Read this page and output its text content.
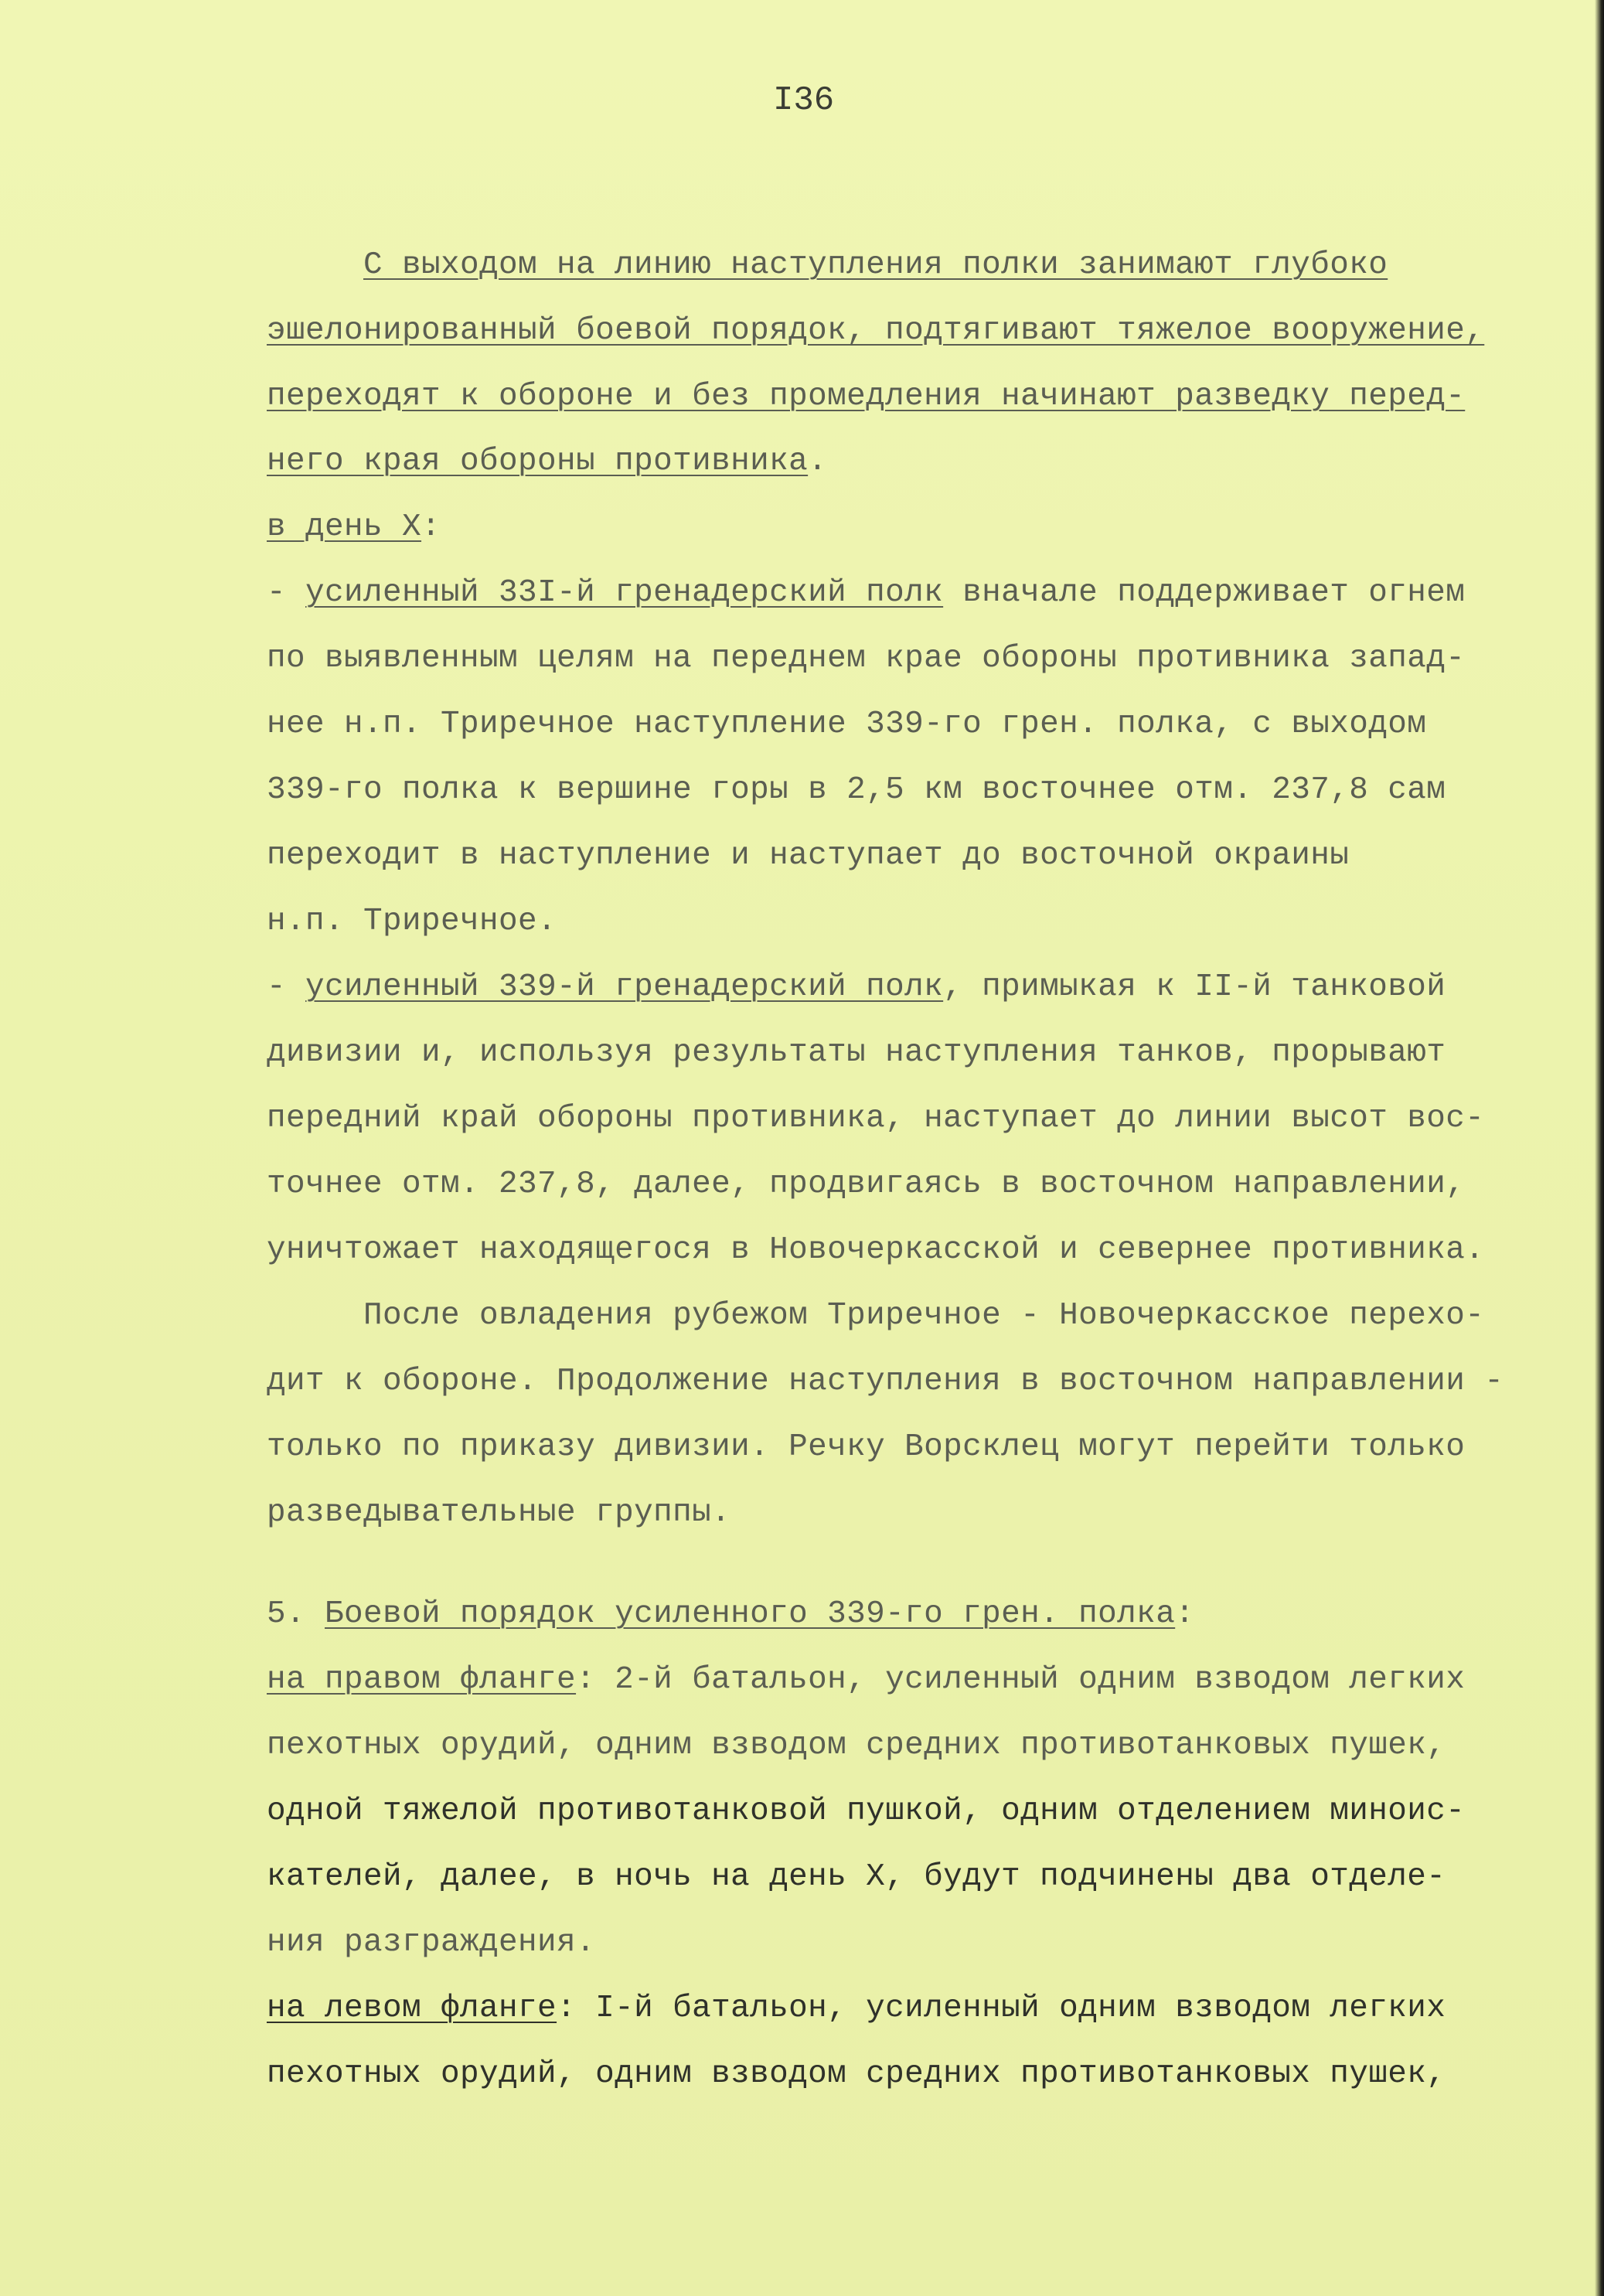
I36
С выходом на линию наступления полки занимают глубоко
эшелонированный боевой порядок, подтягивают тяжелое вооружение,
переходят к обороне и без промедления начинают разведку перед-
него края обороны противника.
в день Х:
- усиленный 33I-й гренадерский полк вначале поддерживает огнем
по выявленным целям на переднем крае обороны противника запад-
нее н.п. Триречное наступление 339-го грен. полка, с выходом
339-го полка к вершине горы в 2,5 км восточнее отм. 237,8 сам
переходит в наступление и наступает до восточной окраины
н.п. Триречное.
- усиленный 339-й гренадерский полк, примыкая к II-й танковой
дивизии и, используя результаты наступления танков, прорывают
передний край обороны противника, наступает до линии высот вос-
точнее отм. 237,8, далее, продвигаясь в восточном направлении,
уничтожает находящегося в Новочеркасской и севернее противника.
После овладения рубежом Триречное - Новочеркасское перехо-
дит к обороне. Продолжение наступления в восточном направлении -
только по приказу дивизии. Речку Ворсклец могут перейти только
разведывательные группы.
5. Боевой порядок усиленного 339-го грен. полка:
на правом фланге: 2-й батальон, усиленный одним взводом легких
пехотных орудий, одним взводом средних противотанковых пушек,
одной тяжелой противотанковой пушкой, одним отделением миноис-
кателей, далее, в ночь на день Х, будут подчинены два отделе-
ния разграждения.
на левом фланге: I-й батальон, усиленный одним взводом легких
пехотных орудий, одним взводом средних противотанковых пушек,
